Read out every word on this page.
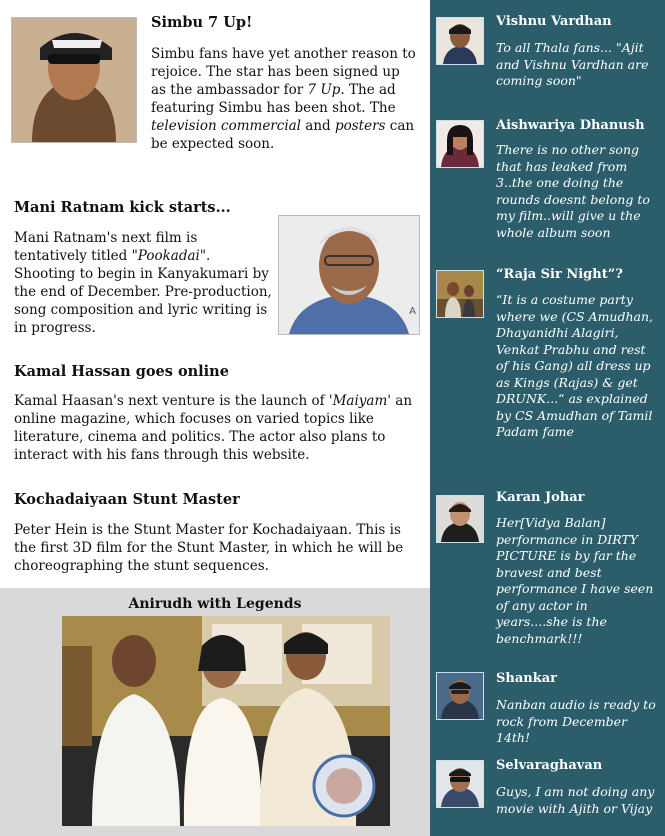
Simbu 7 Up!

Simbu fans have yet another reason to rejoice. The star has been signed up as the ambassador for 7 Up. The ad featuring Simbu has been shot. The television commercial and posters can be expected soon.

Mani Ratnam kick starts...

Mani Ratnam's next film is tentatively titled "Pookadai". Shooting to begin in Kanyakumari by the end of December. Pre-production, song composition and lyric writing is in progress.

A

Kamal Hassan goes online

Kamal Haasan's next venture is the launch of 'Maiyam' an online magazine, which focuses on varied topics like literature, cinema and politics. The actor also plans to interact with his fans through this website.

Kochadaiyaan Stunt Master

Peter Hein is the Stunt Master for Kochadaiyaan. This is the first 3D film for the Stunt Master, in which he will be choreographing the stunt sequences.

Anirudh with Legends

Vishnu Vardhan

To all Thala fans... "Ajit and Vishnu Vardhan are coming soon"

Aishwariya Dhanush

There is no other song that has leaked from 3..the one doing the rounds doesnt belong to my film..will give u the whole album soon

“Raja Sir Night”?

“It is a costume party where we (CS Amudhan, Dhayanidhi Alagiri, Venkat Prabhu and rest of his Gang) all dress up as Kings (Rajas) & get DRUNK...“ as explained by CS Amudhan of Tamil Padam fame

Karan Johar

Her[Vidya Balan] performance in DIRTY PICTURE is by far the bravest and best performance I have seen of any actor in years....she is the benchmark!!!

Shankar

Nanban audio is ready to rock from December 14th!

Selvaraghavan

Guys, I am not doing any movie with Ajith or Vijay
